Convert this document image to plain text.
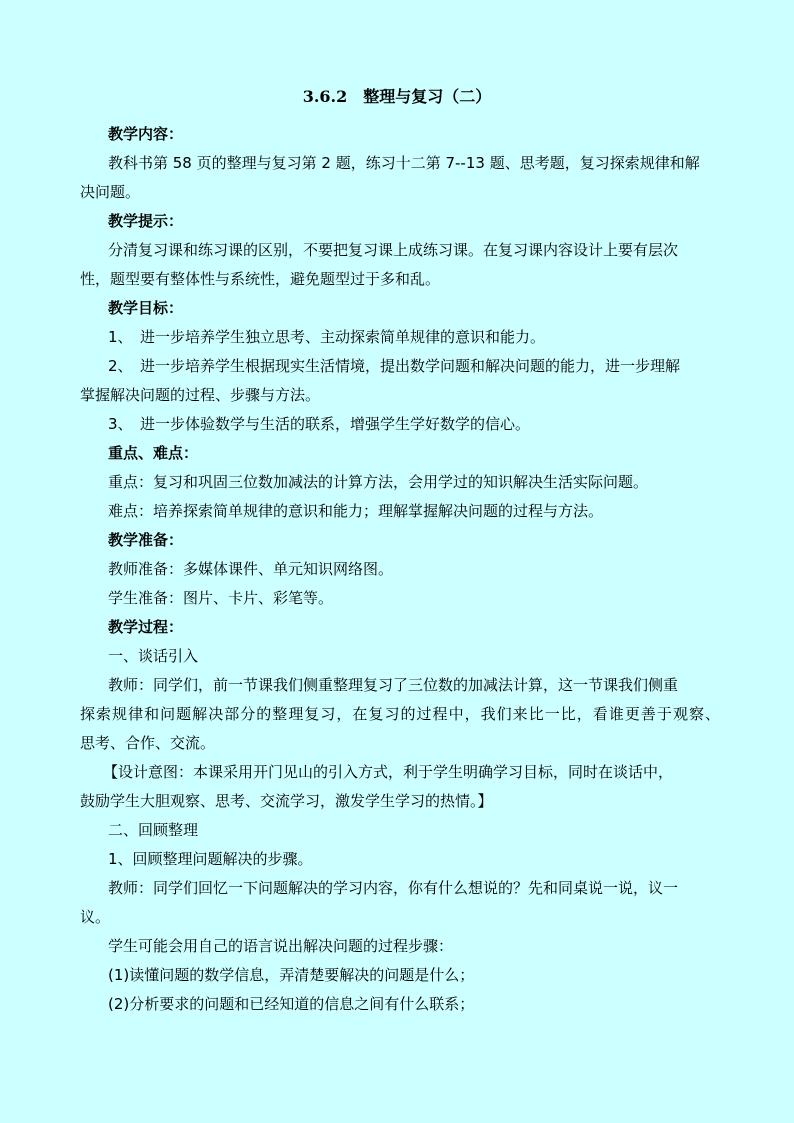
3.6.2　整理与复习（二）
教学内容：
教科书第 58 页的整理与复习第 2 题，练习十二第 7--13 题、思考题，复习探索规律和解
决问题。
教学提示：
分清复习课和练习课的区别，不要把复习课上成练习课。在复习课内容设计上要有层次
性，题型要有整体性与系统性，避免题型过于多和乱。
教学目标：
1、　进一步培养学生独立思考、主动探索简单规律的意识和能力。
2、　进一步培养学生根据现实生活情境，提出数学问题和解决问题的能力，进一步理解
掌握解决问题的过程、步骤与方法。
3、　进一步体验数学与生活的联系，增强学生学好数学的信心。
重点、难点：
重点：复习和巩固三位数加减法的计算方法，会用学过的知识解决生活实际问题。
难点：培养探索简单规律的意识和能力；理解掌握解决问题的过程与方法。
教学准备：
教师准备：多媒体课件、单元知识网络图。
学生准备：图片、卡片、彩笔等。
教学过程：
一、谈话引入
教师：同学们，前一节课我们侧重整理复习了三位数的加减法计算，这一节课我们侧重
探索规律和问题解决部分的整理复习，在复习的过程中，我们来比一比，看谁更善于观察、
思考、合作、交流。
【设计意图：本课采用开门见山的引入方式，利于学生明确学习目标，同时在谈话中，
鼓励学生大胆观察、思考、交流学习，激发学生学习的热情。】
二、回顾整理
1、回顾整理问题解决的步骤。
教师：同学们回忆一下问题解决的学习内容，你有什么想说的？先和同桌说一说，议一
议。
学生可能会用自己的语言说出解决问题的过程步骤：
(1)读懂问题的数学信息，弄清楚要解决的问题是什么；
(2)分析要求的问题和已经知道的信息之间有什么联系；
